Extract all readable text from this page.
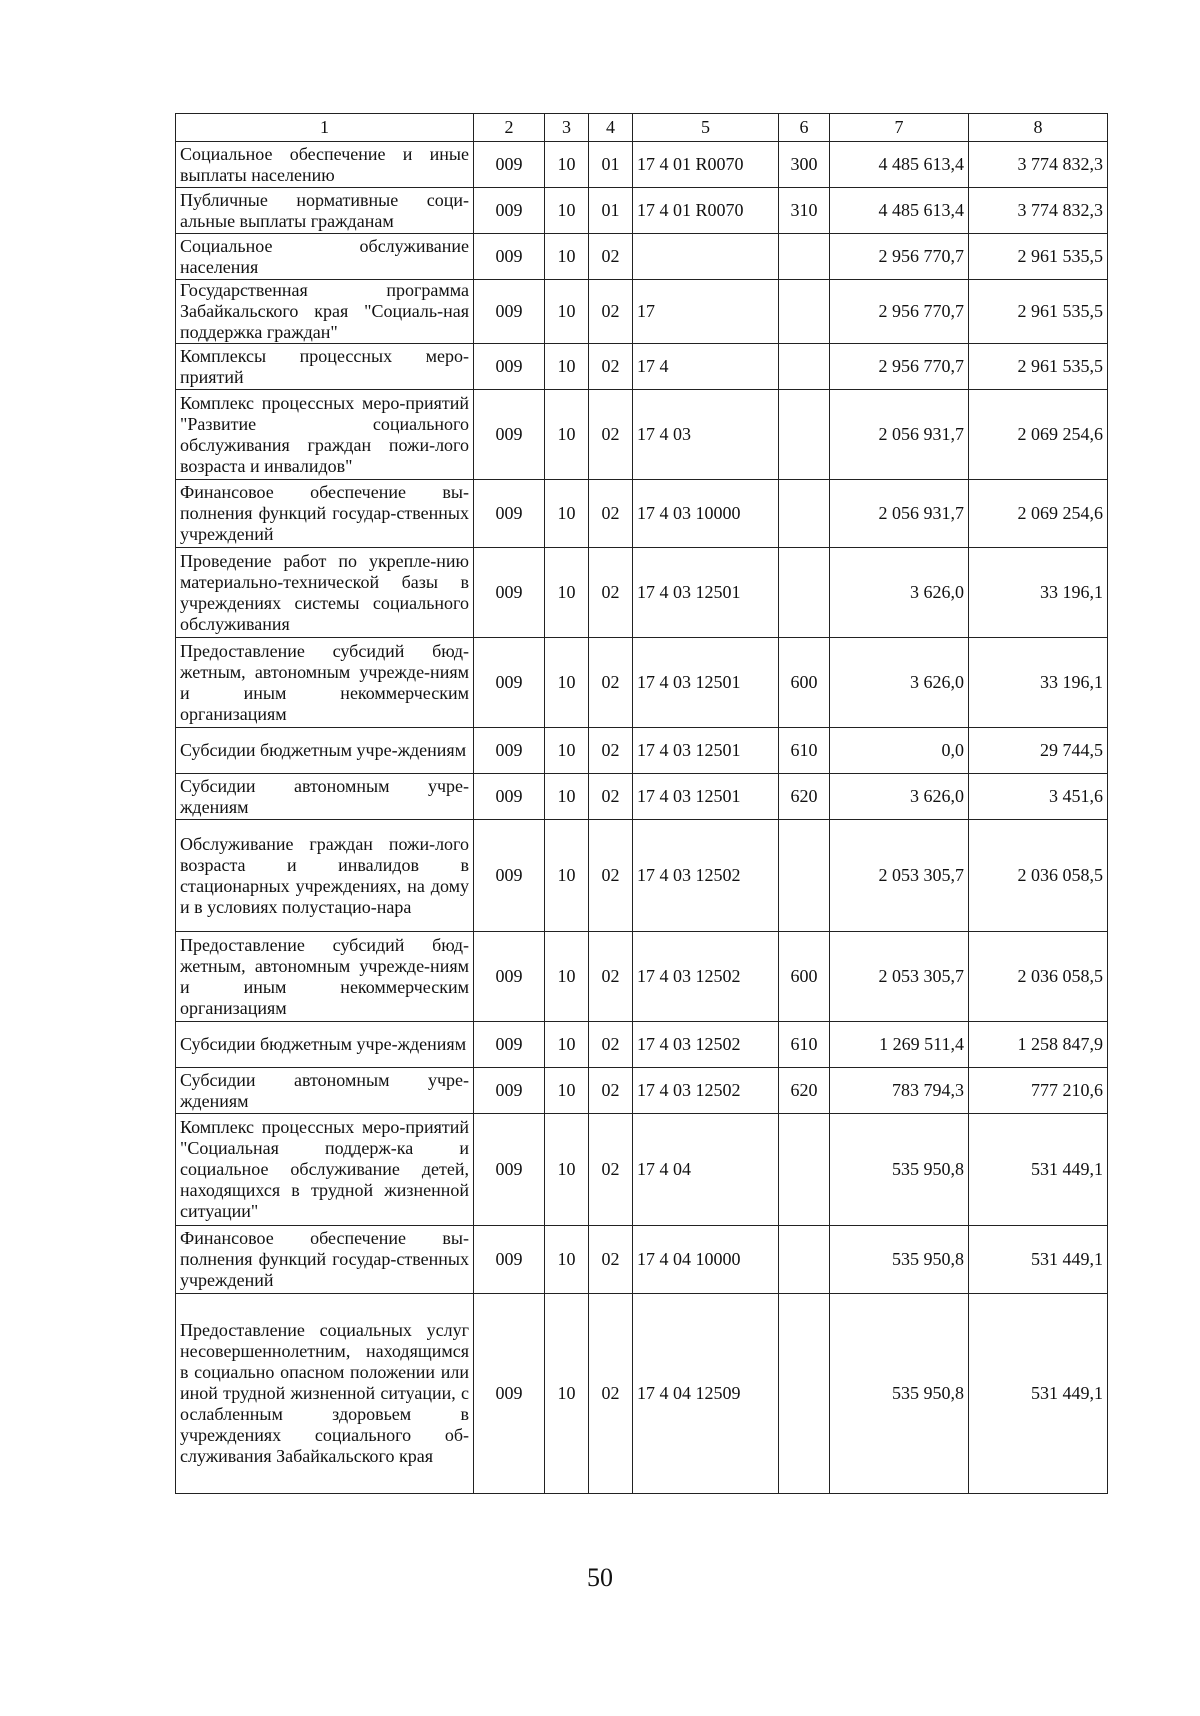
1	2	3	4	5	6	7	8
Социальное обеспечение и иные выплаты населению	009	10	01	17 4 01 R0070	300	4 485 613,4	3 774 832,3
Публичные нормативные соци-альные выплаты гражданам	009	10	01	17 4 01 R0070	310	4 485 613,4	3 774 832,3
Социальное обслуживание населения	009	10	02			2 956 770,7	2 961 535,5
Государственная программа Забайкальского края "Социаль-ная поддержка граждан"	009	10	02	17		2 956 770,7	2 961 535,5
Комплексы процессных меро-приятий	009	10	02	17 4		2 956 770,7	2 961 535,5
Комплекс процессных меро-приятий "Развитие социального обслуживания граждан пожи-лого возраста и инвалидов"	009	10	02	17 4 03		2 056 931,7	2 069 254,6
Финансовое обеспечение вы-полнения функций государ-ственных учреждений	009	10	02	17 4 03 10000		2 056 931,7	2 069 254,6
Проведение работ по укрепле-нию материально-технической базы в учреждениях системы социального обслуживания	009	10	02	17 4 03 12501		3 626,0	33 196,1
Предоставление субсидий бюд-жетным, автономным учрежде-ниям и иным некоммерческим организациям	009	10	02	17 4 03 12501	600	3 626,0	33 196,1
Субсидии бюджетным учре-ждениям	009	10	02	17 4 03 12501	610	0,0	29 744,5
Субсидии автономным учре-ждениям	009	10	02	17 4 03 12501	620	3 626,0	3 451,6
Обслуживание граждан пожи-лого возраста и инвалидов в стационарных учреждениях, на дому и в условиях полустацио-нара	009	10	02	17 4 03 12502		2 053 305,7	2 036 058,5
Предоставление субсидий бюд-жетным, автономным учрежде-ниям и иным некоммерческим организациям	009	10	02	17 4 03 12502	600	2 053 305,7	2 036 058,5
Субсидии бюджетным учре-ждениям	009	10	02	17 4 03 12502	610	1 269 511,4	1 258 847,9
Субсидии автономным учре-ждениям	009	10	02	17 4 03 12502	620	783 794,3	777 210,6
Комплекс процессных меро-приятий "Социальная поддерж-ка и социальное обслуживание детей, находящихся в трудной жизненной ситуации"	009	10	02	17 4 04		535 950,8	531 449,1
Финансовое обеспечение вы-полнения функций государ-ственных учреждений	009	10	02	17 4 04 10000		535 950,8	531 449,1
Предоставление социальных услуг несовершеннолетним, находящимся в социально опасном положении или иной трудной жизненной ситуации, с ослабленным здоровьем в учреждениях социального об-служивания Забайкальского края	009	10	02	17 4 04 12509		535 950,8	531 449,1
50
